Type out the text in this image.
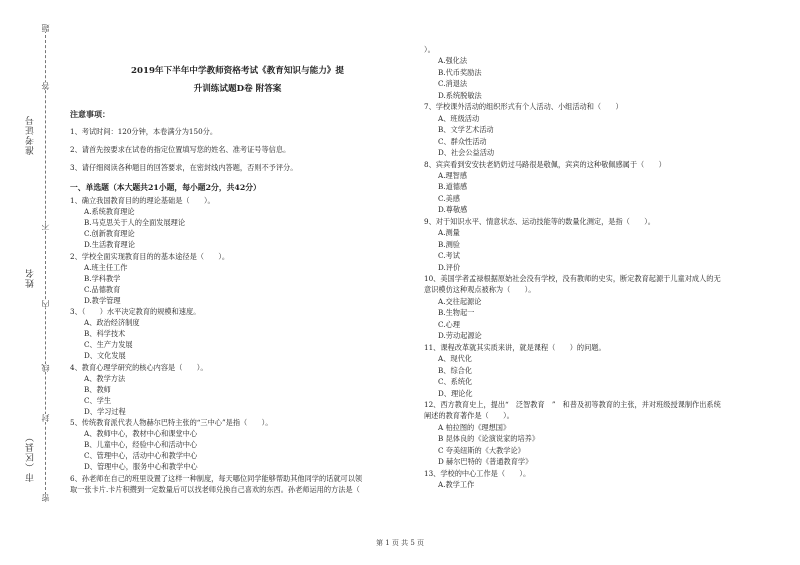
准考证号
姓名
市（区县）
题
答
不
内
线
封
密
2019年下半年中学教师资格考试《教育知识与能力》提
升训练试题D卷 附答案
注意事项：
1、考试时间：120分钟，本卷满分为150分。
2、请首先按要求在试卷的指定位置填写您的姓名、准考证号等信息。
3、请仔细阅读各种题目的回答要求，在密封线内答题，否则不予评分。
一、单选题（本大题共21小题，每小题2分，共42分）
1、确立我国教育目的的理论基础是（　　）。
A.系统教育理论
B.马克思关于人的全面发展理论
C.创新教育理论
D.生活教育理论
2、学校全面实现教育目的的基本途径是（　　）。
A.班主任工作
B.学科教学
C.品德教育
D.教学管理
3、（　　）水平决定教育的规模和速度。
A、政治经济制度
B、科学技术
C、生产力发展
D、文化发展
4、教育心理学研究的核心内容是（　　）。
A、教学方法
B、教师
C、学生
D、学习过程
5、传统教育派代表人物赫尔巴特主张的“三中心”是指（　　）。
A、教师中心，教材中心和课堂中心
B、儿童中心，经验中心和活动中心
C、管理中心，活动中心和教学中心
D、管理中心，服务中心和教学中心
6、孙老师在自己的班里设置了这样一种制度，每天哪位同学能够帮助其他同学的话就可以领
取一张卡片.卡片积攒到一定数量后可以找老师兑换自己喜欢的东西。孙老师运用的方法是（
）。
A.强化法
B.代币奖励法
C.消退法
D.系统脱敏法
7、学校课外活动的组织形式有个人活动、小组活动和（　　）
A、班级活动
B、文学艺术活动
C、群众性活动
D、社会公益活动
8、宾宾看到安安扶老奶奶过马路很是敬佩，宾宾的这种敬佩感属于（　　）
A.理智感
B.道德感
C.美感
D.尊敬感
9、对于知识水平、情意状态、运动技能等的数量化测定，是指（　　）。
A.测量
B.测验
C.考试
D.评价
10、美国学者孟禄根据原始社会没有学校，没有教师的史实，断定教育起源于儿童对成人的无
意识模仿这种观点被称为（　　）。
A.交往起源论
B.生物起一
C.心理
D.劳动起源论
11、课程改革就其实质来讲，就是课程（　　）的问题。
A、现代化
B、综合化
C、系统化
D、理论化
12、西方教育史上，提出“　泛智教育　”　和普及初等教育的主张，并对班级授课制作出系统
阐述的教育著作是（　　）。
A 柏拉图的《理想国》
B 昆体良的《论演说家的培养》
C 夸美纽斯的《大教学论》
D 赫尔巴特的《普通教育学》
13、学校的中心工作是（　　）。
A.教学工作
第 1 页 共 5 页
